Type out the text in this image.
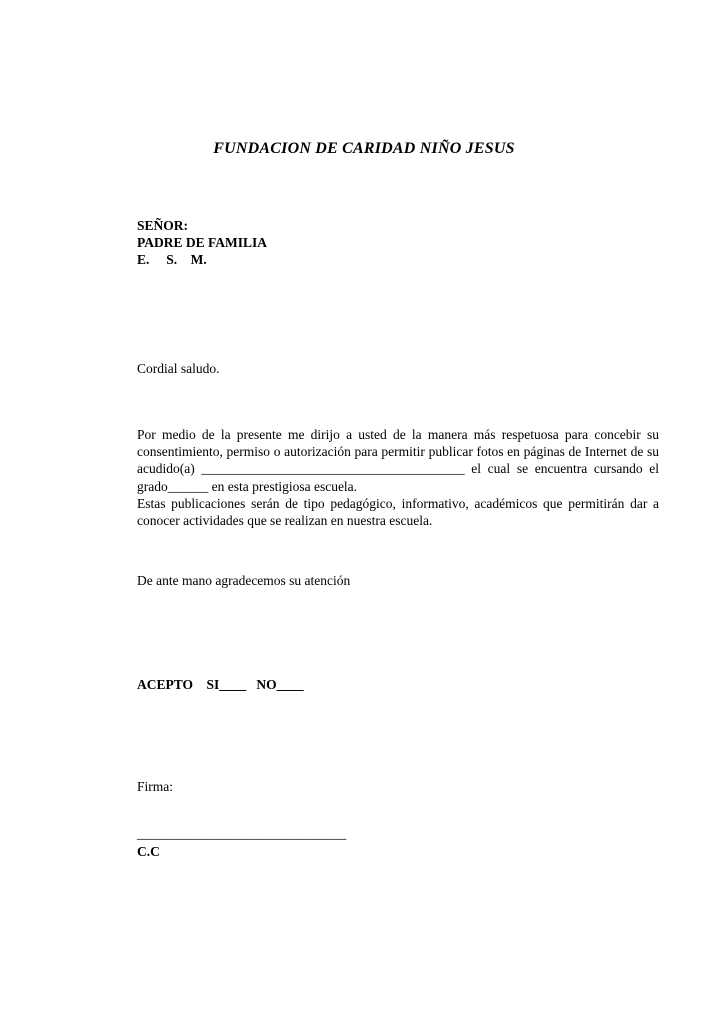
FUNDACION DE CARIDAD NIÑO JESUS
SEÑOR:
PADRE DE FAMILIA
E.     S.    M.
Cordial saludo.
Por medio de la presente me dirijo a usted de la manera más respetuosa para concebir su consentimiento, permiso o autorización para permitir publicar fotos en páginas de Internet de su acudido(a) _______________________________________ el cual se encuentra cursando el grado______ en esta prestigiosa escuela.
Estas publicaciones serán de tipo pedagógico, informativo, académicos que permitirán dar a conocer actividades que se realizan en nuestra escuela.
De ante mano agradecemos su atención
ACEPTO    SI____   NO____
Firma:
_______________________________
C.C
